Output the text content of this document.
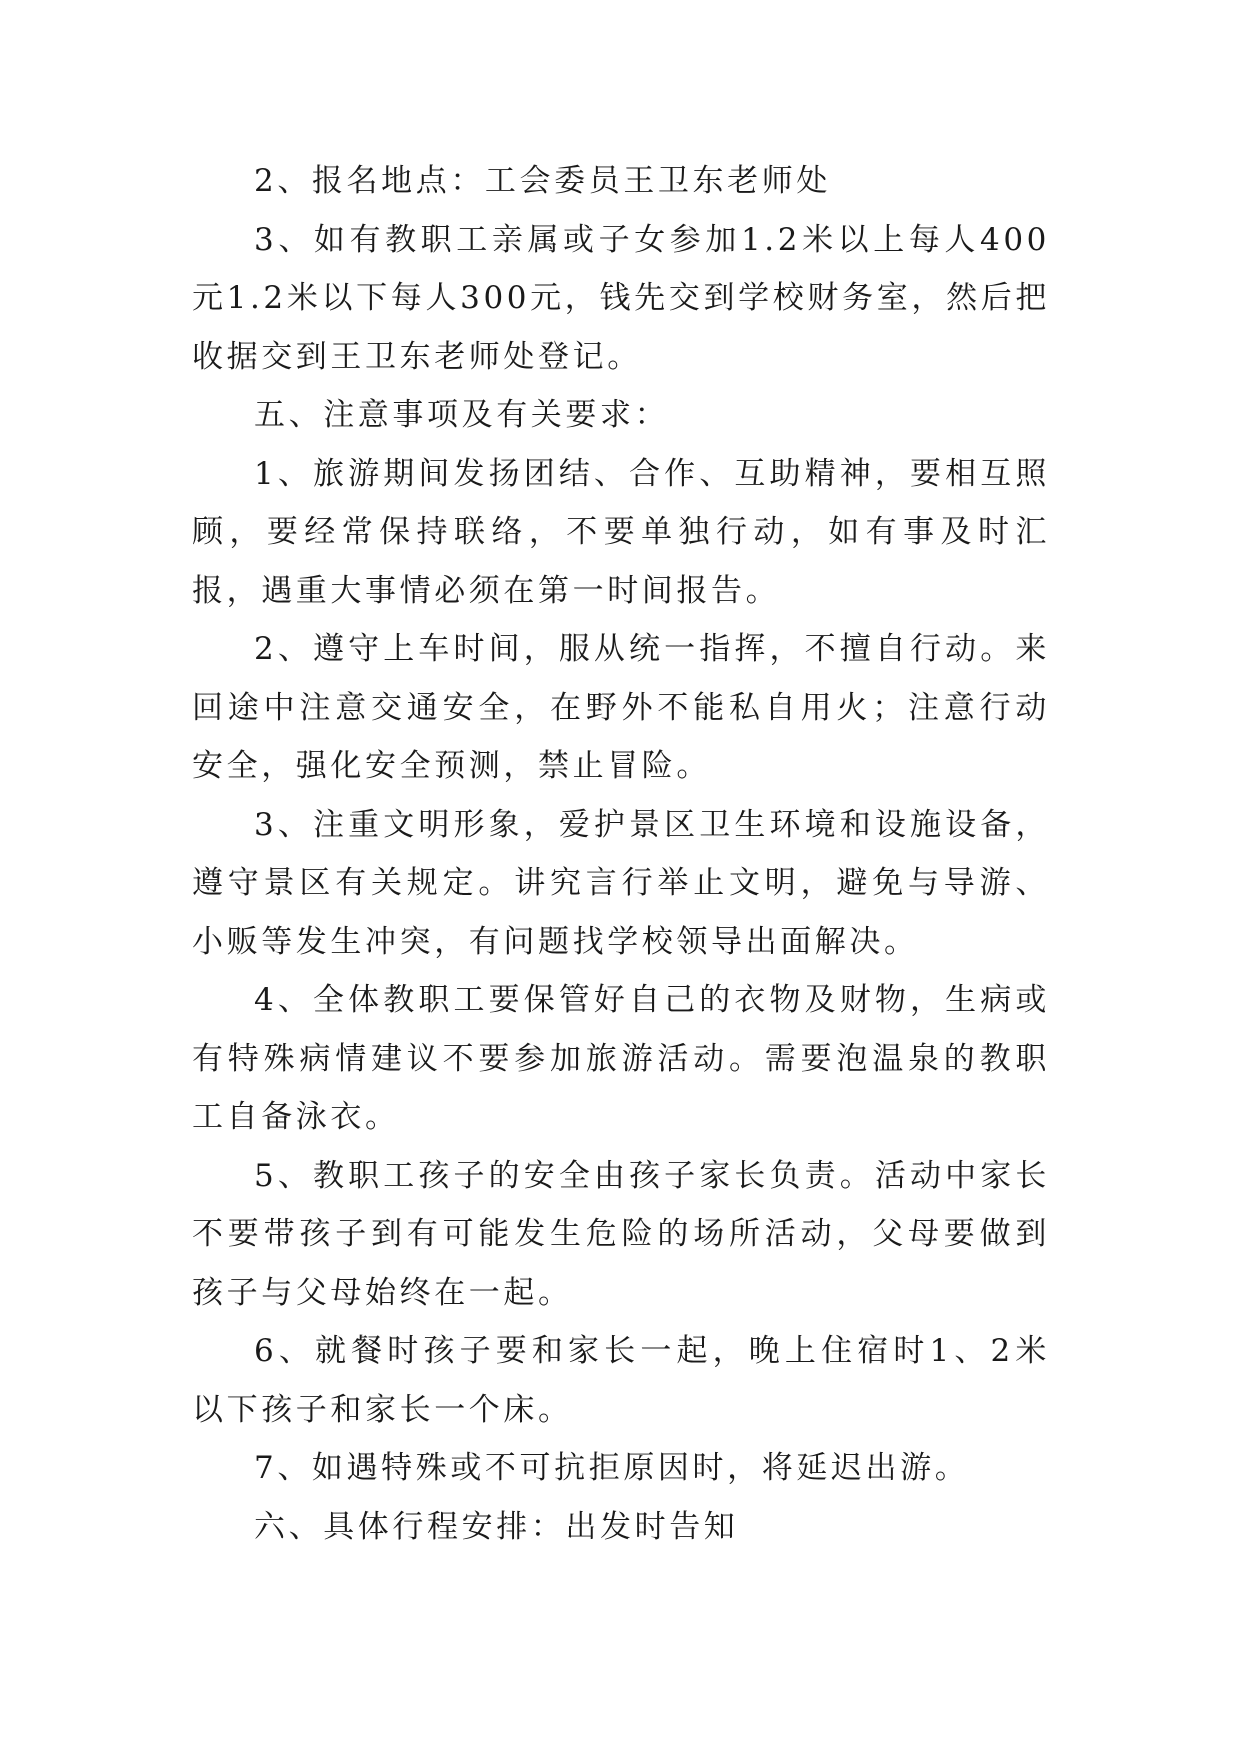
2、报名地点：工会委员王卫东老师处

3、如有教职工亲属或子女参加1.2米以上每人400元1.2米以下每人300元，钱先交到学校财务室，然后把收据交到王卫东老师处登记。

五、注意事项及有关要求：

1、旅游期间发扬团结、合作、互助精神，要相互照顾，要经常保持联络，不要单独行动，如有事及时汇报，遇重大事情必须在第一时间报告。

2、遵守上车时间，服从统一指挥，不擅自行动。来回途中注意交通安全，在野外不能私自用火；注意行动安全，强化安全预测，禁止冒险。

3、注重文明形象，爱护景区卫生环境和设施设备，遵守景区有关规定。讲究言行举止文明，避免与导游、小贩等发生冲突，有问题找学校领导出面解决。

4、全体教职工要保管好自己的衣物及财物，生病或有特殊病情建议不要参加旅游活动。需要泡温泉的教职工自备泳衣。

5、教职工孩子的安全由孩子家长负责。活动中家长不要带孩子到有可能发生危险的场所活动，父母要做到孩子与父母始终在一起。

6、就餐时孩子要和家长一起，晚上住宿时1、2米以下孩子和家长一个床。

7、如遇特殊或不可抗拒原因时，将延迟出游。

六、具体行程安排：出发时告知
